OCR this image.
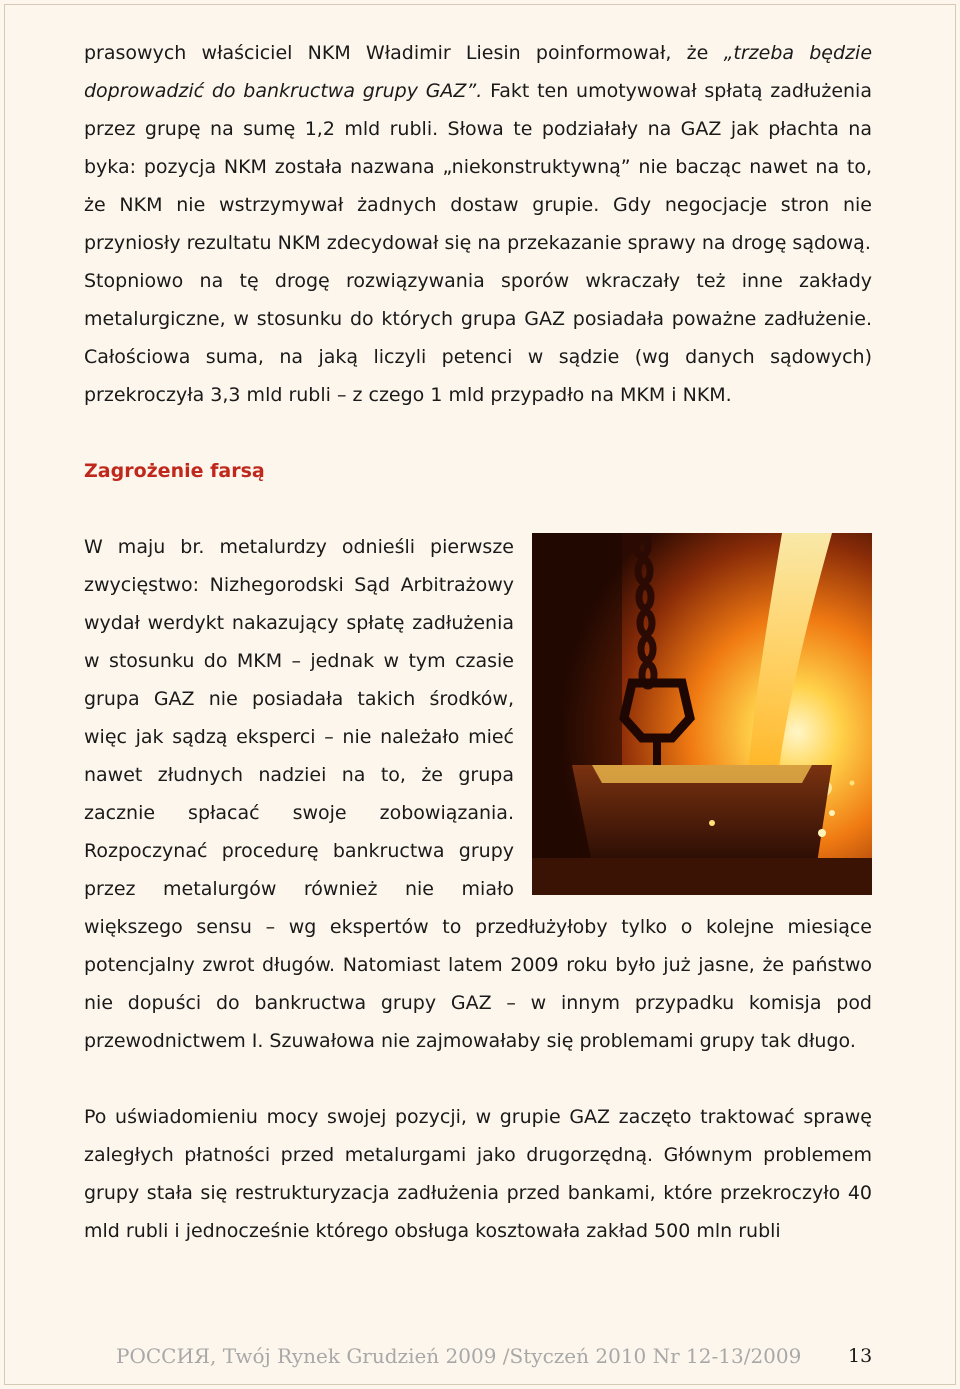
prasowych właściciel NKM Władimir Liesin poinformował, że „trzeba będzie doprowadzić do bankructwa grupy GAZ”. Fakt ten umotywował spłatą zadłużenia przez grupę na sumę 1,2 mld rubli. Słowa te podziałały na GAZ jak płachta na byka: pozycja NKM została nazwana „niekonstruktywną” nie bacząc nawet na to, że NKM nie wstrzymywał żadnych dostaw grupie. Gdy negocjacje stron nie przyniosły rezultatu NKM zdecydował się na przekazanie sprawy na drogę sądową.

Stopniowo na tę drogę rozwiązywania sporów wkraczały też inne zakłady metalurgiczne, w stosunku do których grupa GAZ posiadała poważne zadłużenie. Całościowa suma, na jaką liczyli petenci w sądzie (wg danych sądowych) przekroczyła 3,3 mld rubli – z czego 1 mld przypadło na MKM i NKM.

Zagrożenie farsą

W maju br. metalurdzy odnieśli pierwsze zwycięstwo: Nizhegorodski Sąd Arbitrażowy wydał werdykt nakazujący spłatę zadłużenia w stosunku do MKM – jednak w tym czasie grupa GAZ nie posiadała takich środków, więc jak sądzą eksperci – nie należało mieć nawet złudnych nadziei na to, że grupa zacznie spłacać swoje zobowiązania. Rozpoczynać procedurę bankructwa grupy przez metalurgów również nie miało większego sensu – wg ekspertów to przedłużyłoby tylko o kolejne miesiące potencjalny zwrot długów. Natomiast latem 2009 roku było już jasne, że państwo nie dopuści do bankructwa grupy GAZ – w innym przypadku komisja pod przewodnictwem I. Szuwałowa nie zajmowałaby się problemami grupy tak długo.

Po uświadomieniu mocy swojej pozycji, w grupie GAZ zaczęto traktować sprawę zaległych płatności przed metalurgami jako drugorzędną. Głównym problemem grupy stała się restrukturyzacja zadłużenia przed bankami, które przekroczyło 40 mld rubli i jednocześnie którego obsługa kosztowała zakład 500 mln rubli

РОССИЯ, Twój Rynek Grudzień 2009 /Styczeń 2010 Nr 12-13/2009 13
